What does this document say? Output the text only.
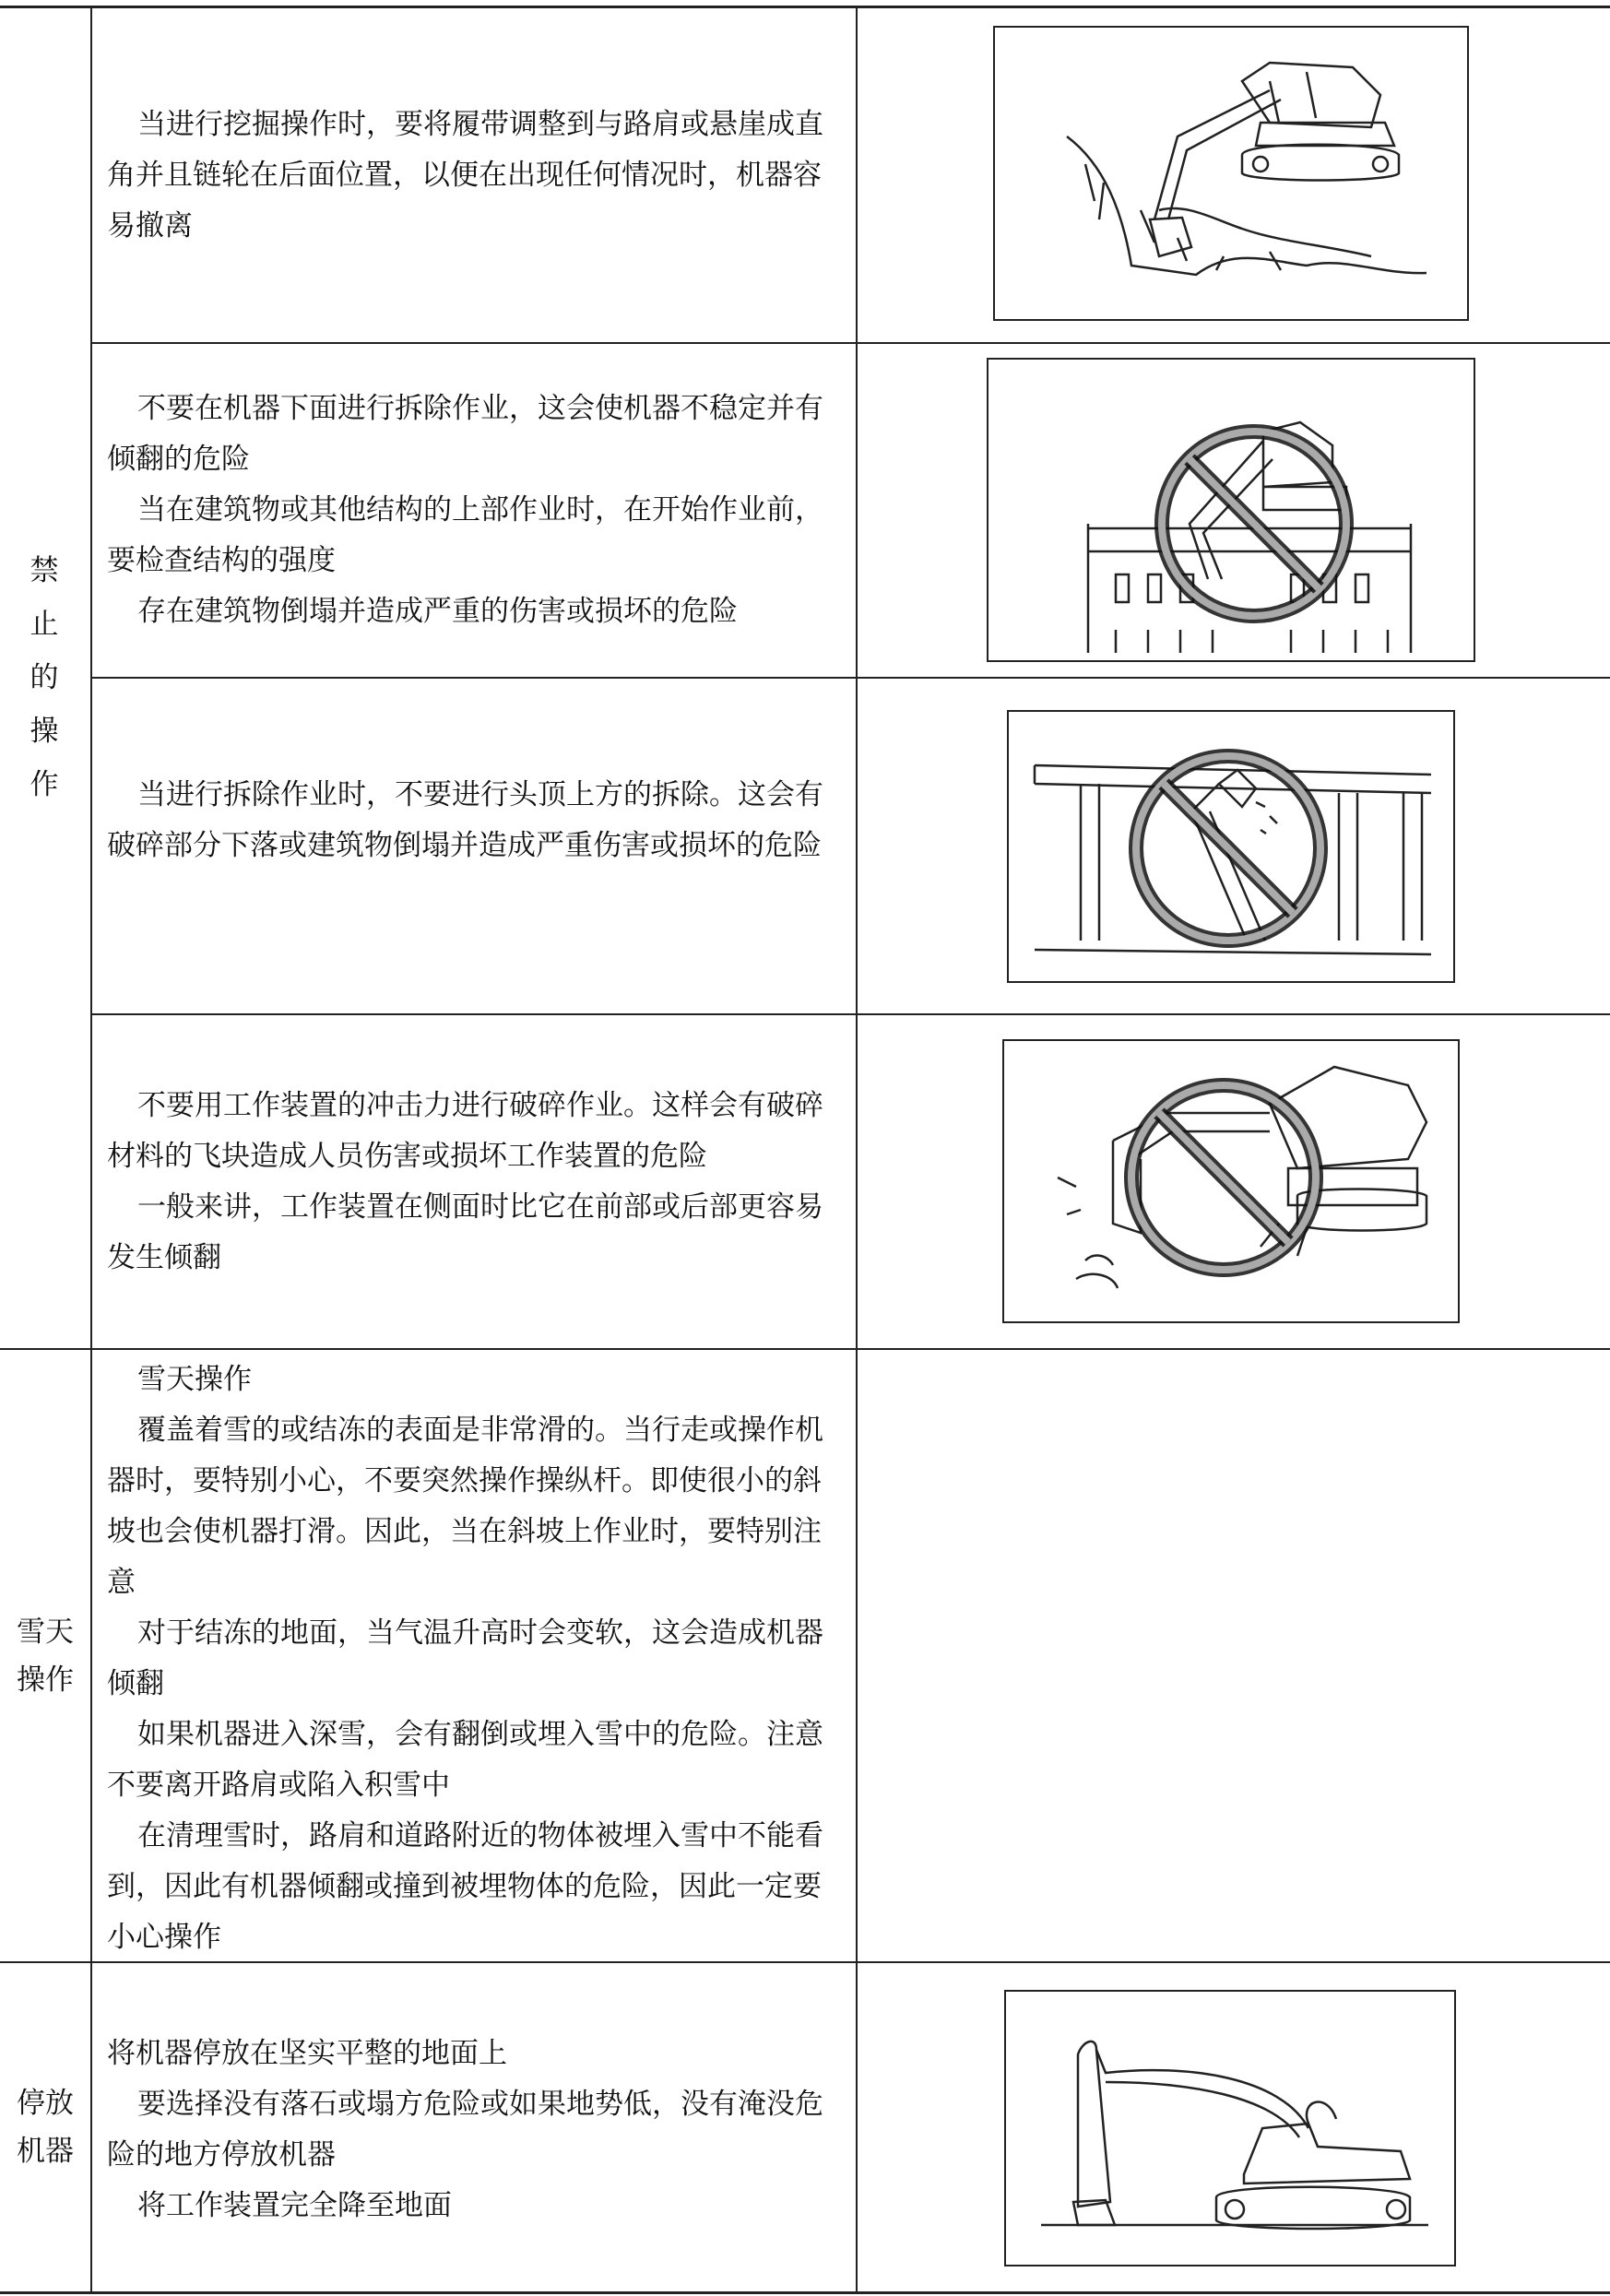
禁止的操作
雪天操作
停放机器

当进行挖掘操作时，要将履带调整到与路肩或悬崖成直角并且链轮在后面位置，以便在出现任何情况时，机器容易撤离

不要在机器下面进行拆除作业，这会使机器不稳定并有倾翻的危险

当在建筑物或其他结构的上部作业时，在开始作业前，要检查结构的强度

存在建筑物倒塌并造成严重的伤害或损坏的危险

当进行拆除作业时，不要进行头顶上方的拆除。这会有破碎部分下落或建筑物倒塌并造成严重伤害或损坏的危险

不要用工作装置的冲击力进行破碎作业。这样会有破碎材料的飞块造成人员伤害或损坏工作装置的危险

一般来讲，工作装置在侧面时比它在前部或后部更容易发生倾翻

雪天操作

覆盖着雪的或结冻的表面是非常滑的。当行走或操作机器时，要特别小心，不要突然操作操纵杆。即使很小的斜坡也会使机器打滑。因此，当在斜坡上作业时，要特别注意

对于结冻的地面，当气温升高时会变软，这会造成机器倾翻

如果机器进入深雪，会有翻倒或埋入雪中的危险。注意不要离开路肩或陷入积雪中

在清理雪时，路肩和道路附近的物体被埋入雪中不能看到，因此有机器倾翻或撞到被埋物体的危险，因此一定要小心操作

将机器停放在坚实平整的地面上

要选择没有落石或塌方危险或如果地势低，没有淹没危险的地方停放机器

将工作装置完全降至地面
